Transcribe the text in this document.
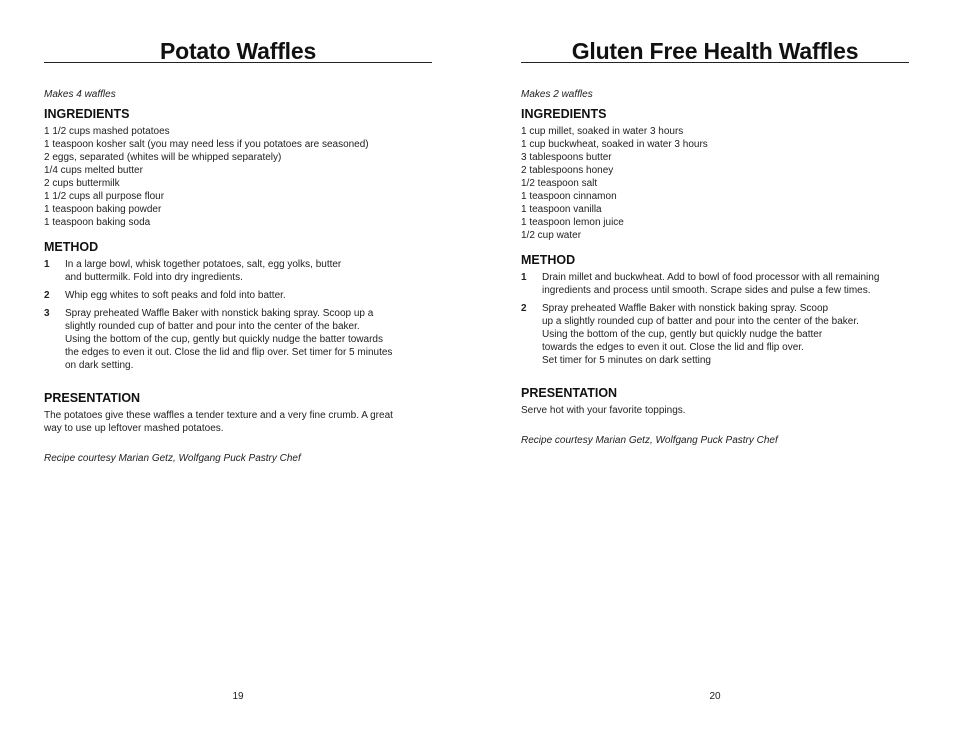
Potato Waffles

Makes 4 waffles

INGREDIENTS
1 1/2 cups mashed potatoes
1 teaspoon kosher salt (you may need less if you potatoes are seasoned)
2 eggs, separated (whites will be whipped separately)
1/4 cups melted butter
2 cups buttermilk
1 1/2 cups all purpose flour
1 teaspoon baking powder
1 teaspoon baking soda
METHOD
1	In a large bowl, whisk together potatoes, salt, egg yolks, butter
and buttermilk. Fold into dry ingredients.
2	Whip egg whites to soft peaks and fold into batter.
3	Spray preheated Waffle Baker with nonstick baking spray. Scoop up a
slightly rounded cup of batter and pour into the center of the baker.
Using the bottom of the cup, gently but quickly nudge the batter towards
the edges to even it out. Close the lid and flip over. Set timer for 5 minutes
on dark setting.
PRESENTATION

The potatoes give these waffles a tender texture and a very fine crumb. A great
way to use up leftover mashed potatoes.

Recipe courtesy Marian Getz, Wolfgang Puck Pastry Chef

19
Gluten Free Health Waffles

Makes 2 waffles

INGREDIENTS
1 cup millet, soaked in water 3 hours
1 cup buckwheat, soaked in water 3 hours
3 tablespoons butter
2 tablespoons honey
1/2 teaspoon salt
1 teaspoon cinnamon
1 teaspoon vanilla
1 teaspoon lemon juice
1/2 cup water
METHOD
1	Drain millet and buckwheat. Add to bowl of food processor with all remaining
ingredients and process until smooth. Scrape sides and pulse a few times.
2	Spray preheated Waffle Baker with nonstick baking spray. Scoop
up a slightly rounded cup of batter and pour into the center of the baker.
Using the bottom of the cup, gently but quickly nudge the batter
towards the edges to even it out. Close the lid and flip over.
Set timer for 5 minutes on dark setting
PRESENTATION

Serve hot with your favorite toppings.

Recipe courtesy Marian Getz, Wolfgang Puck Pastry Chef

20
